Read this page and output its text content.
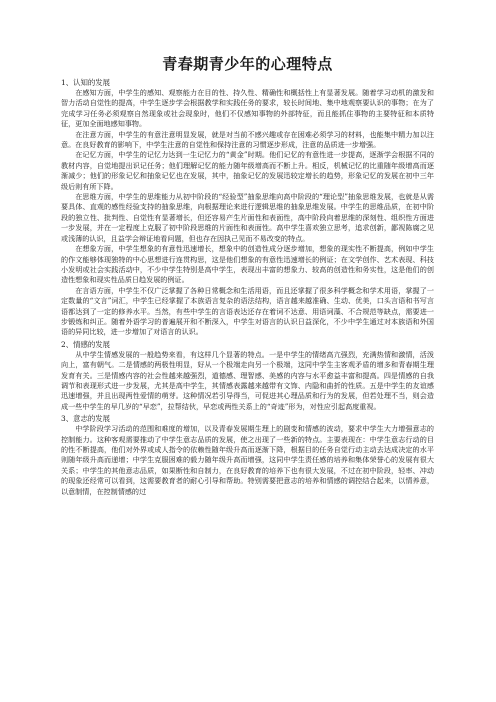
青春期青少年的心理特点

1、认知的发展

在感知方面，中学生的感知、观察能力在目的性、持久性、精确性和概括性上有显著发展。随着学习动机的激发和智力活动自觉性的提高，中学生逐步学会根据教学和实践任务的要求，较长时间地、集中地观察要认识的事物；在为了完成学习任务必须观察自然现象或社会现象时，他们不仅感知事物的外部特征，而且能抓住事物的主要特征和本质特征，更加全面地感知事物。

在注意方面，中学生的有意注意明显发展，就是对当前不感兴趣或存在困难必须学习的材料，也能集中精力加以注意。在良好教育的影响下，中学生注意的自觉性和保持注意的习惯逐步形成，注意的品质进一步增强。

在记忆方面，中学生的记忆力达到一生记忆力的“黄金”时期。他们记忆的有意性进一步提高，逐渐学会根据不同的教材内容，自觉地提出识记任务；他们理解记忆的能力随年级增高而不断上升。相反，机械记忆的比重随年级增高而逐渐减少；他们的形象记忆和抽象记忆也在发展，其中，抽象记忆的发展迅较定增长的趋势，形象记忆的发展在初中三年级后则有所下降。

在思维方面，中学生的思维能力从初中阶段的“经验型”抽象思维向高中阶段的“理论型”抽象思维发展，也就是从需要具体、直观的感性经验支持的抽象思维，向根据理论来进行逻辑思维的抽象思维发展。中学生的思维品质，在初中阶段的独立性、批判性、自觉性有显著增长，但还容易产生片面性和表面性，高中阶段向着思维的深刻性、组织性方面进一步发展，并在一定程度上克服了初中阶段思维的片面性和表面性。高中学生喜欢独立思考，追求创新，鄙视陈腐之见或浅薄的认识，且益学会辩证地看问题，但也存在因执己见而不易改变的特点。

在想象方面，中学生想象的有意性迅速增长，想象中的创造性成分逐步增加，想象的现实性不断提高，例如中学生的作文能够体现独特的中心思想进行连贯构思，这是他们想象的有意性迅速增长的例证；在文学创作、艺术表现、科技小发明或社会实践活动中，不少中学生特别是高中学生，表现出丰富的想象力、较高的创造性和务实性，这是他们的创造性想象和现实性品质日趋发展的例证。

在言语方面，中学生不仅广泛掌握了各种日常概念和生活用语，而且还掌握了很多科学概念和学术用语，掌握了一定数量的“文言”词汇，中学生已经掌握了本族语言复杂的语法结构，语言越来越准确、生动、优美，口头言语和书写言语都达到了一定的修养水平。当然，有些中学生的言语表达还存在着词不达意、用语词藻、不合规范等缺点，需要进一步锻炼和纠正。随着外语学习的普遍展开和不断深入，中学生对语言的认识日益深化，不少中学生通过对本族语和外国语的异同比较，进一步增加了对语言的认识。

2、情感的发展

从中学生情感发展的一般趋势来看，有这样几个显著的特点。一是中学生的情绪高亢强烈，充满热情和激情，活泼向上，富有朝气。二是情感的两极性明显，好从一个极端走向另一个极端，这同中学生主客观矛盾的增多和青春期生理发育有关。三是情感内容的社会性越来越强烈，道德感、理智感、美感的内容与水平愈益丰富和提高。四是情感的自我调节和表现形式进一步发展，尤其是高中学生，其情感表露越来越带有文饰、内隐和曲折的性质。五是中学生的友谊感迅速增强，并且出现两性爱情的萌芽。这种情况若引导得当，可促进其心理品质和行为的发展，但若处理不当，则会造成一些中学生的早几岁的“早恋”，拉帮结伙，早恋或两性关系上的“奇迹”形为，对性应引起高度重视。

3、意志的发展

中学阶段学习活动的范围和难度的增加，以及青春发展期生理上的剧变和情感的波动，要求中学生大力增强意志的控制能力。这种客观需要推动了中学生意志品质的发展，使之出现了一些新的特点。主要表现在：中学生意志行动的目的性不断提高，他们对外界或成人指令的依赖性随年级升高而逐渐下降，根据目的任务自觉行动主动去达成决定的水平则随年级升高而递增；中学生克服困难的毅力随年级升高而增强，这同中学生责任感的培养和集体荣誉心的发展有很大关系；中学生的其他意志品质，如果断性和自制力，在良好教育的培养下也有很大发展，不过在初中阶段，轻率、冲动的现象还经常可以看到，这需要教育者的耐心引导和帮助。特别需要把意志的培养和情感的调控结合起来，以情养意，以意制情，在控制情感的过
